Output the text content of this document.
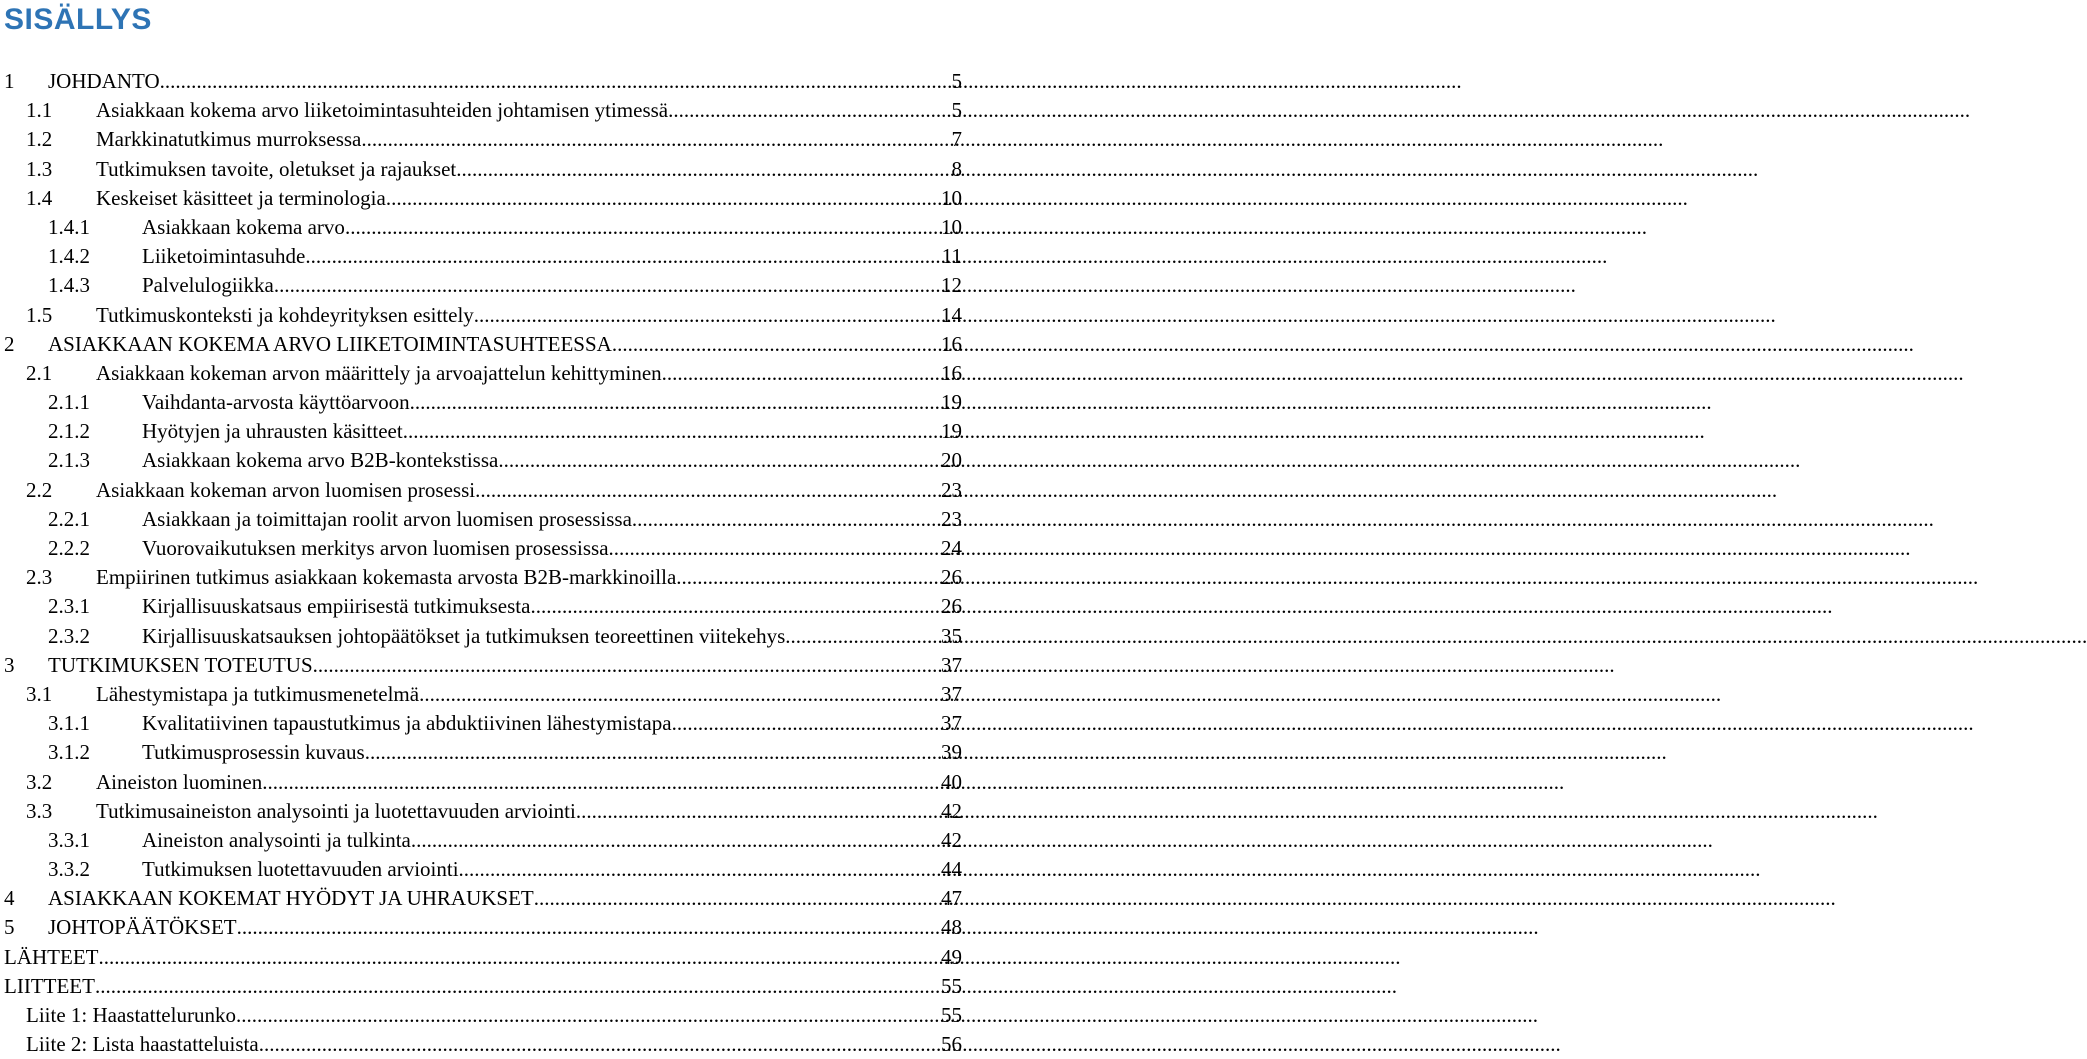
SISÄLLYS
1 JOHDANTO .....	5
1.1 Asiakkaan kokema arvo liiketoimintasuhteiden johtamisen ytimessä .....	5
1.2 Markkinatutkimus murroksessa .....	7
1.3 Tutkimuksen tavoite, oletukset ja rajaukset .....	8
1.4 Keskeiset käsitteet ja terminologia .....	10
1.4.1 Asiakkaan kokema arvo .....	10
1.4.2 Liiketoimintasuhde .....	11
1.4.3 Palvelulogiikka .....	12
1.5 Tutkimuskonteksti ja kohdeyrityksen esittely .....	14
2 ASIAKKAAN KOKEMA ARVO LIIKETOIMINTASUHTEESSA .....	16
2.1 Asiakkaan kokeman arvon määrittely ja arvoajattelun kehittyminen .....	16
2.1.1 Vaihdanta-arvosta käyttöarvoon .....	19
2.1.2 Hyötyjen ja uhrausten käsitteet .....	19
2.1.3 Asiakkaan kokema arvo B2B-kontekstissa .....	20
2.2 Asiakkaan kokeman arvon luomisen prosessi .....	23
2.2.1 Asiakkaan ja toimittajan roolit arvon luomisen prosessissa .....	23
2.2.2 Vuorovaikutuksen merkitys arvon luomisen prosessissa .....	24
2.3 Empiirinen tutkimus asiakkaan kokemasta arvosta B2B-markkinoilla .....	26
2.3.1 Kirjallisuuskatsaus empiirisestä tutkimuksesta .....	26
2.3.2 Kirjallisuuskatsauksen johtopäätökset ja tutkimuksen teoreettinen viitekehys .....	35
3 TUTKIMUKSEN TOTEUTUS .....	37
3.1 Lähestymistapa ja tutkimusmenetelmä .....	37
3.1.1 Kvalitatiivinen tapaustutkimus ja abduktiivinen lähestymistapa .....	37
3.1.2 Tutkimusprosessin kuvaus .....	39
3.2 Aineiston luominen .....	40
3.3 Tutkimusaineiston analysointi ja luotettavuuden arviointi .....	42
3.3.1 Aineiston analysointi ja tulkinta .....	42
3.3.2 Tutkimuksen luotettavuuden arviointi .....	44
4 ASIAKKAAN KOKEMAT HYÖDYT JA UHRAUKSET .....	47
5 JOHTOPÄÄTÖKSET .....	48
LÄHTEET .....	49
LIITTEET .....	55
Liite 1: Haastattelurunko .....	55
Liite 2: Lista haastatteluista .....	56
